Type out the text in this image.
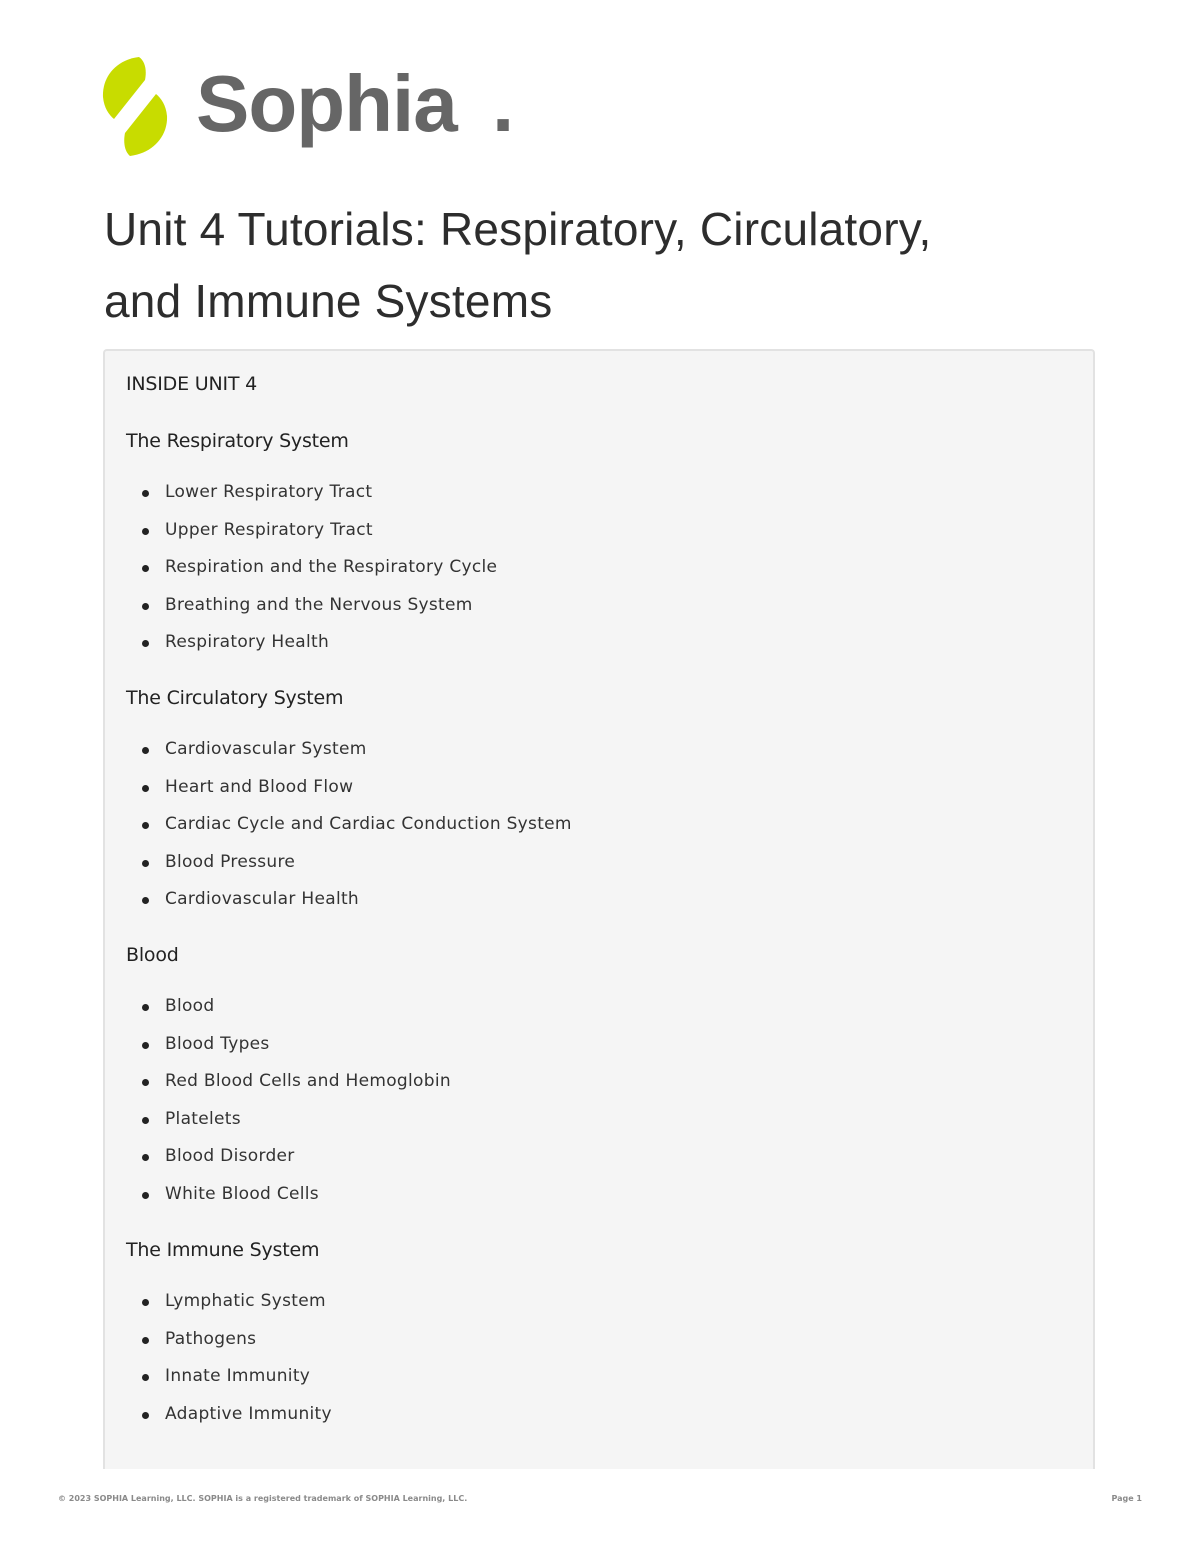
Sophia .
Unit 4 Tutorials: Respiratory, Circulatory,
and Immune Systems
INSIDE UNIT 4
The Respiratory System
Lower Respiratory Tract
Upper Respiratory Tract
Respiration and the Respiratory Cycle
Breathing and the Nervous System
Respiratory Health
The Circulatory System
Cardiovascular System
Heart and Blood Flow
Cardiac Cycle and Cardiac Conduction System
Blood Pressure
Cardiovascular Health
Blood
Blood
Blood Types
Red Blood Cells and Hemoglobin
Platelets
Blood Disorder
White Blood Cells
The Immune System
Lymphatic System
Pathogens
Innate Immunity
Adaptive Immunity
© 2023 SOPHIA Learning, LLC. SOPHIA is a registered trademark of SOPHIA Learning, LLC.	Page 1
